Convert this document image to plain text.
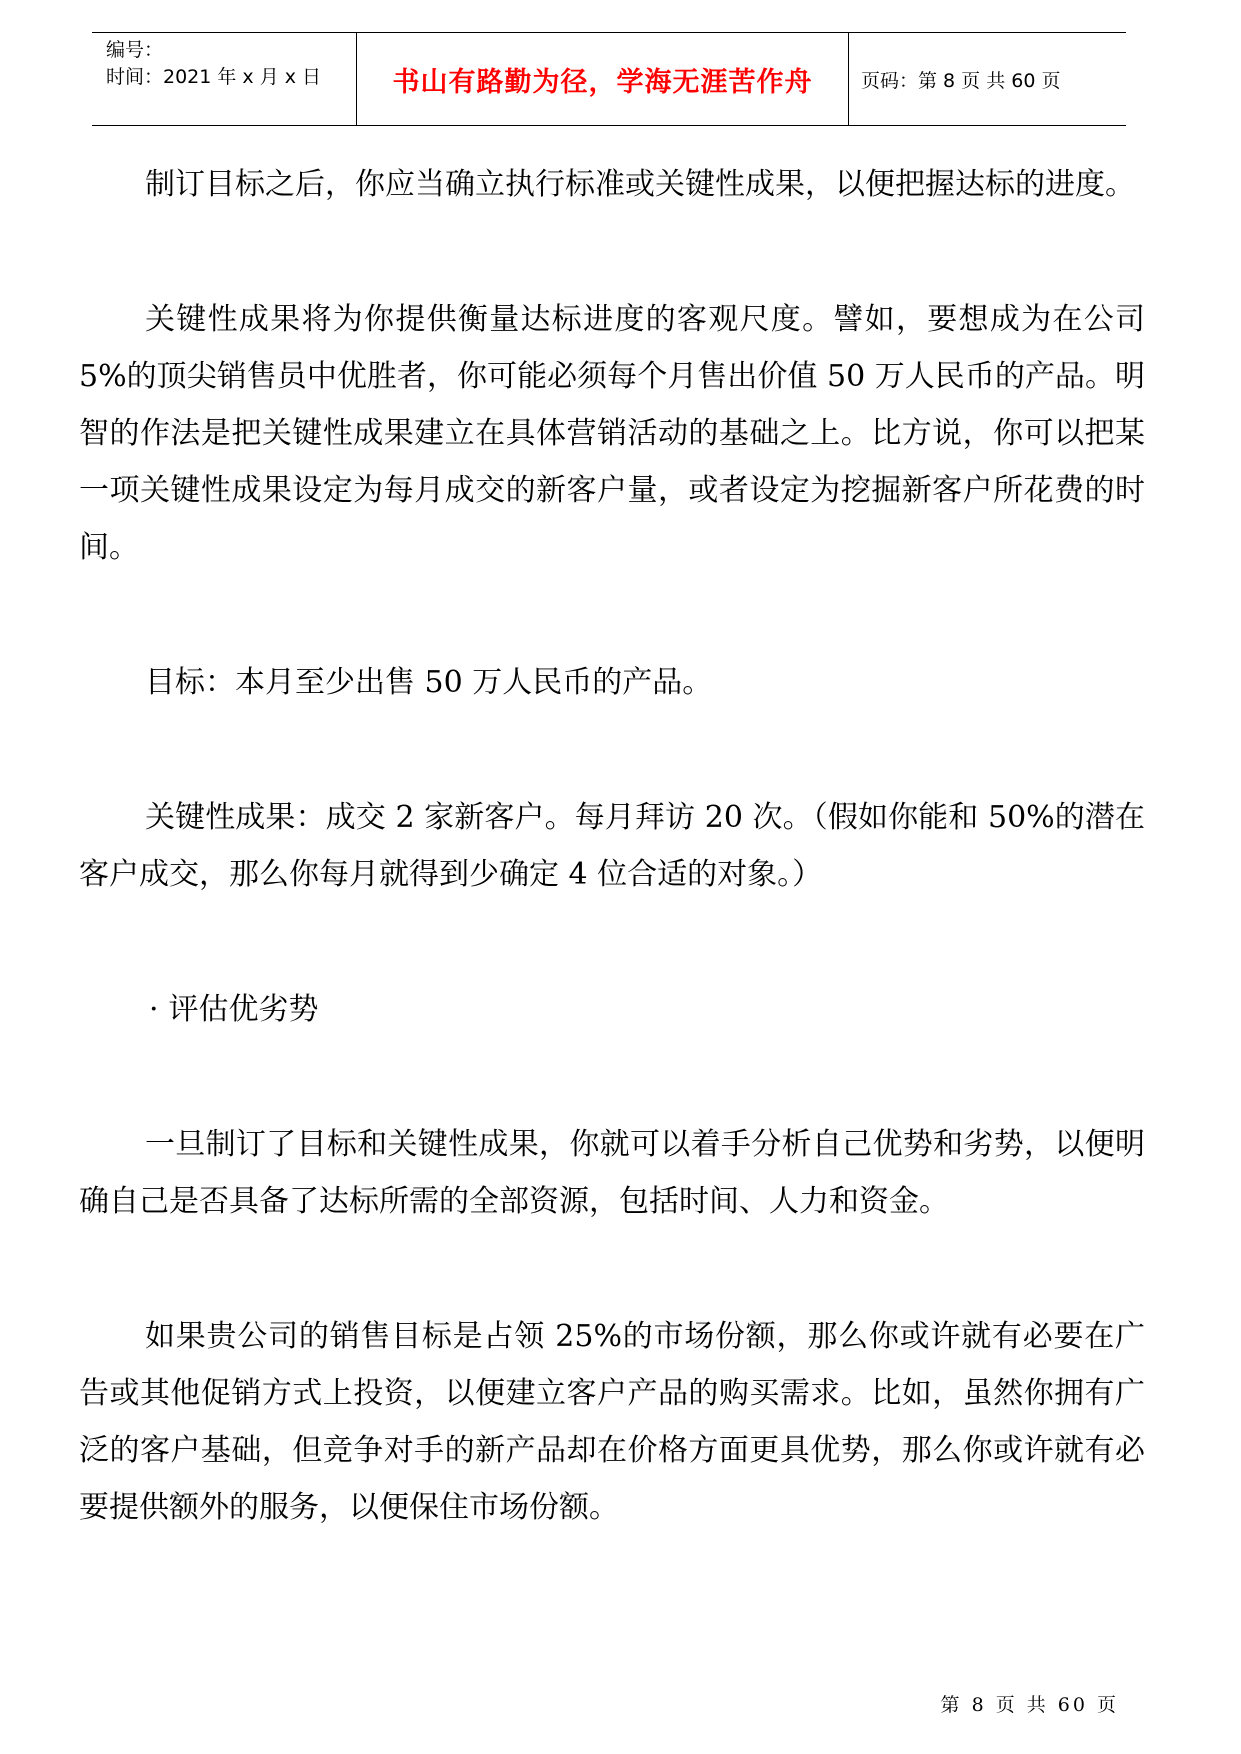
编号：
时间：2021 年 x 月 x 日	书山有路勤为径，学海无涯苦作舟	页码：第 8 页 共 60 页

制订目标之后，你应当确立执行标准或关键性成果，以便把握达标的进度。

关键性成果将为你提供衡量达标进度的客观尺度。譬如，要想成为在公司 5%的顶尖销售员中优胜者，你可能必须每个月售出价值 50 万人民币的产品。明智的作法是把关键性成果建立在具体营销活动的基础之上。比方说，你可以把某一项关键性成果设定为每月成交的新客户量，或者设定为挖掘新客户所花费的时间。

目标：本月至少出售 50 万人民币的产品。

关键性成果：成交 2 家新客户。每月拜访 20 次。（假如你能和 50%的潜在客户成交，那么你每月就得到少确定 4 位合适的对象。）

· 评估优劣势

一旦制订了目标和关键性成果，你就可以着手分析自己优势和劣势，以便明确自己是否具备了达标所需的全部资源，包括时间、人力和资金。

如果贵公司的销售目标是占领 25%的市场份额，那么你或许就有必要在广告或其他促销方式上投资，以便建立客户产品的购买需求。比如，虽然你拥有广泛的客户基础，但竞争对手的新产品却在价格方面更具优势，那么你或许就有必要提供额外的服务，以便保住市场份额。

第 8 页 共 60 页
